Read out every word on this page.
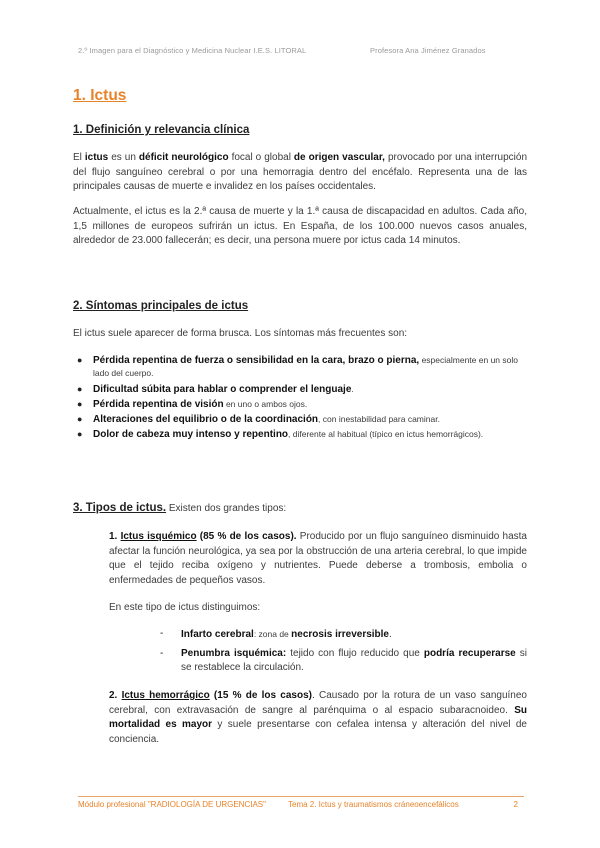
2.º Imagen para el Diagnóstico y Medicina Nuclear I.E.S. LITORAL	Profesora Ana Jiménez Granados
1. Ictus
1. Definición y relevancia clínica
El ictus es un déficit neurológico focal o global de origen vascular, provocado por una interrupción del flujo sanguíneo cerebral o por una hemorragia dentro del encéfalo. Representa una de las principales causas de muerte e invalidez en los países occidentales.
Actualmente, el ictus es la 2.ª causa de muerte y la 1.ª causa de discapacidad en adultos. Cada año, 1,5 millones de europeos sufrirán un ictus. En España, de los 100.000 nuevos casos anuales, alrededor de 23.000 fallecerán; es decir, una persona muere por ictus cada 14 minutos.
2. Síntomas principales de ictus
El ictus suele aparecer de forma brusca. Los síntomas más frecuentes son:
● Pérdida repentina de fuerza o sensibilidad en la cara, brazo o pierna, especialmente en un solo lado del cuerpo.
● Dificultad súbita para hablar o comprender el lenguaje.
● Pérdida repentina de visión en uno o ambos ojos.
● Alteraciones del equilibrio o de la coordinación, con inestabilidad para caminar.
● Dolor de cabeza muy intenso y repentino, diferente al habitual (típico en ictus hemorrágicos).
3. Tipos de ictus. Existen dos grandes tipos:
1. Ictus isquémico (85 % de los casos). Producido por un flujo sanguíneo disminuido hasta afectar la función neurológica, ya sea por la obstrucción de una arteria cerebral, lo que impide que el tejido reciba oxígeno y nutrientes. Puede deberse a trombosis, embolia o enfermedades de pequeños vasos.
En este tipo de ictus distinguimos:
- Infarto cerebral: zona de necrosis irreversible.
- Penumbra isquémica: tejido con flujo reducido que podría recuperarse si se restablece la circulación.
2. Ictus hemorrágico (15 % de los casos). Causado por la rotura de un vaso sanguíneo cerebral, con extravasación de sangre al parénquima o al espacio subaracnoideo. Su mortalidad es mayor y suele presentarse con cefalea intensa y alteración del nivel de conciencia.
Módulo profesional "RADIOLOGÍA DE URGENCIAS"	Tema 2. Ictus y traumatismos cráneoencefálicos	2
